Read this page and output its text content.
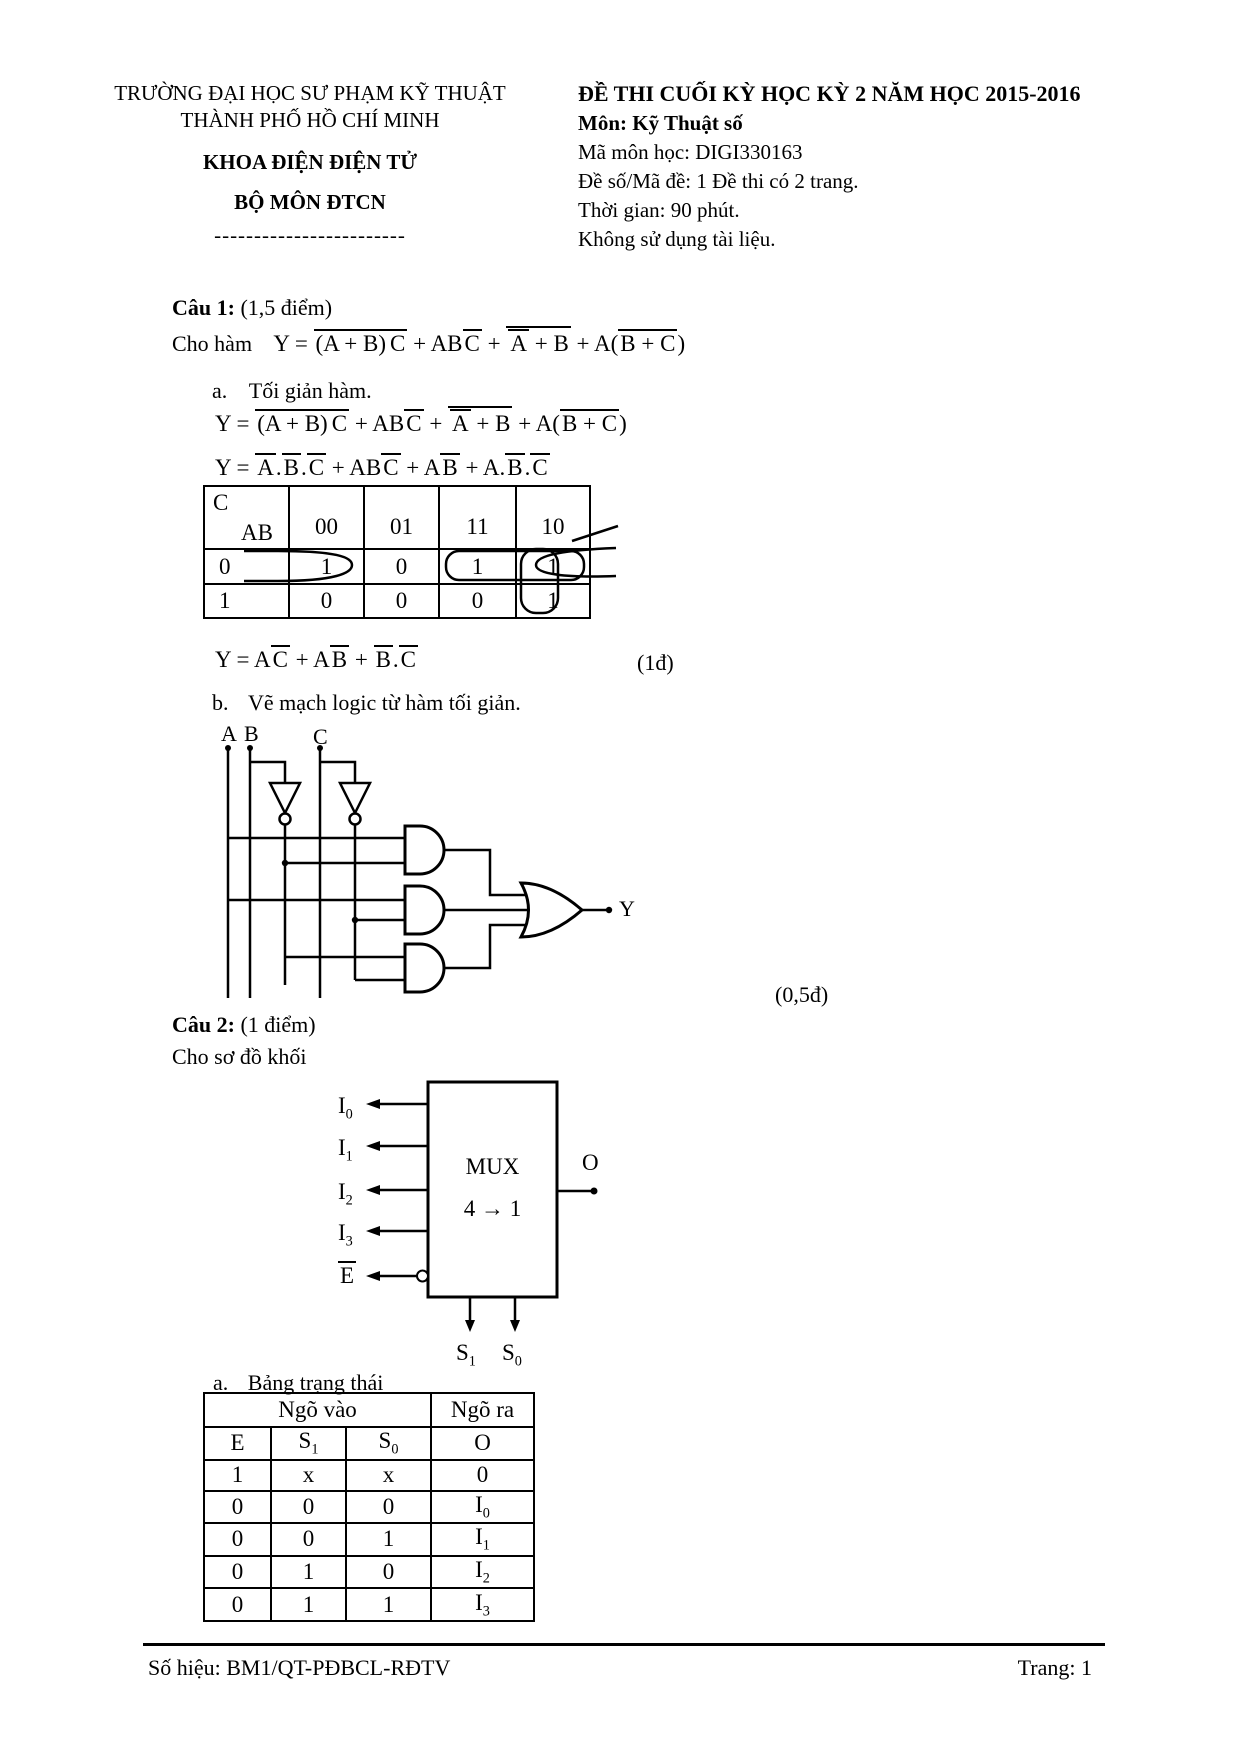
TRƯỜNG ĐẠI HỌC SƯ PHẠM KỸ THUẬT
THÀNH PHỐ HỒ CHÍ MINH
KHOA ĐIỆN ĐIỆN TỬ
BỘ MÔN ĐTCN
------------------------
ĐỀ THI CUỐI KỲ HỌC KỲ 2 NĂM HỌC 2015-2016
Môn: Kỹ Thuật số
Mã môn học: DIGI330163
Đề số/Mã đề: 1 Đề thi có 2 trang.
Thời gian: 90 phút.
Không sử dụng tài liệu.
Câu 1: (1,5 điểm)
Cho hàm Y = (A + B) C + ABC + A + B + A(B + C)
a. Tối giản hàm.
Y = (A + B) C + ABC + A + B + A(B + C)
Y = A.B.C + ABC + AB + A.B.C
AB
C	00	01	11	10
0	1	0	1	1
1	0	0	0	1
Y = AC + AB + B.C	(1đ)
b. Vẽ mạch logic từ hàm tối giản.
A B C
Y
(0,5đ)
Câu 2: (1 điểm)
Cho sơ đồ khối
$I_0$
$I_1$
$I_2$
$I_3$
E
MUX
4 → 1
O
$S_1$ $S_0$
a. Bảng trạng thái
Ngõ vào			Ngõ ra
E	$S_1$	$S_0$	O
1	x	x	0
0	0	0	$I_0$
0	0	1	$I_1$
0	1	0	$I_2$
0	1	1	$I_3$
Số hiệu: BM1/QT-PĐBCL-RĐTV	Trang: 1
